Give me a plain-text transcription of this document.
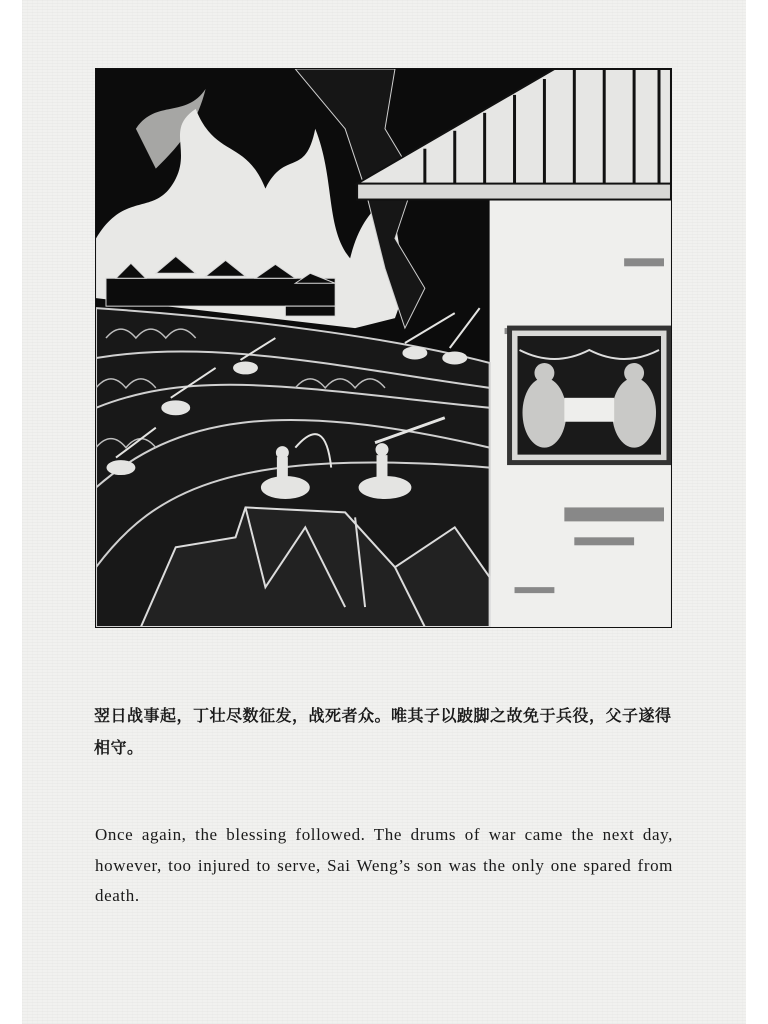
翌日战事起，丁壮尽数征发，战死者众。唯其子以跛脚之故免于兵役，父子遂得相守。

Once again, the blessing followed. The drums of war came the next day, however, too injured to serve, Sai Weng’s son was the only one spared from death.
